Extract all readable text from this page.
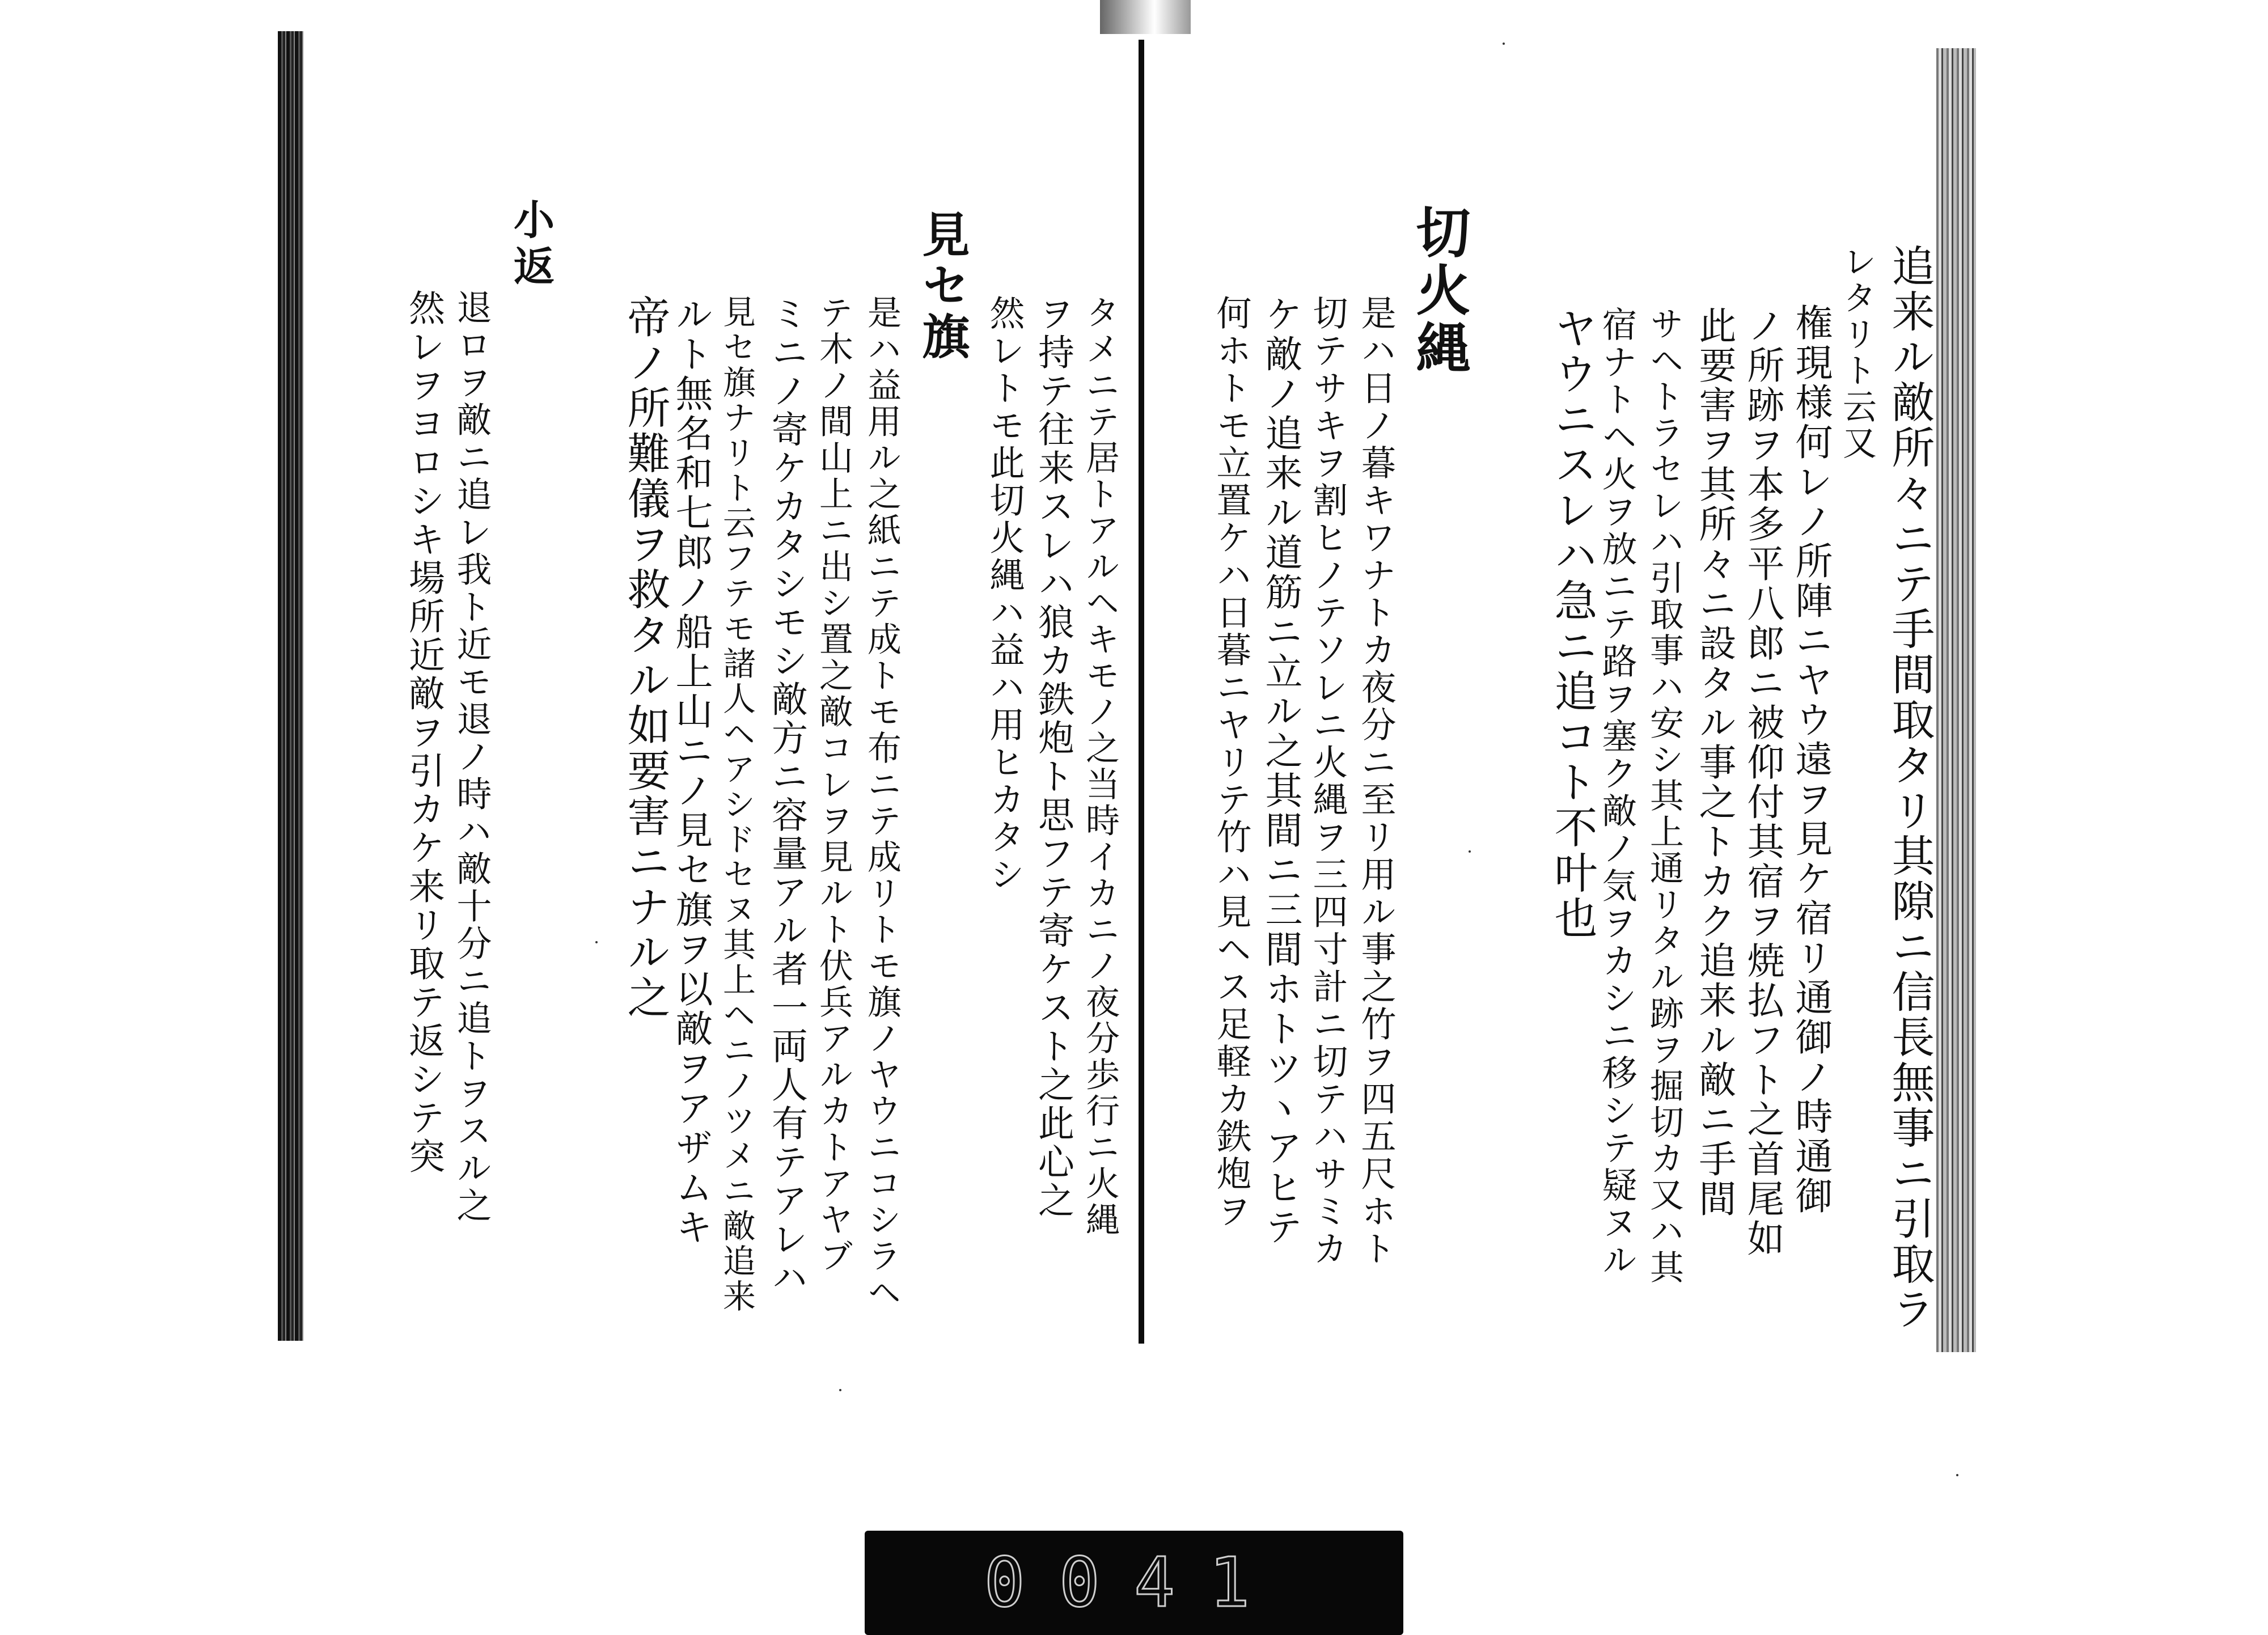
追来ル敵所々ニテ手間取タリ其隙ニ信長無事ニ引取ラ
レタリト云又
権現様何レノ所陣ニヤウ遠ヲ見ケ宿リ通御ノ時通御
ノ所跡ヲ本多平八郎ニ被仰付其宿ヲ焼払フト之首尾如
此要害ヲ其所々ニ設タル事之トカク追来ル敵ニ手間
サヘトラセレハ引取事ハ安シ其上通リタル跡ヲ掘切カ又ハ其
宿ナトヘ火ヲ放ニテ路ヲ塞ク敵ノ気ヲカシニ移シテ疑ヌル
ヤウニスレハ急ニ追コト不叶也
切火縄
是ハ日ノ暮キワナトカ夜分ニ至リ用ル事之竹ヲ四五尺ホト
切テサキヲ割ヒノテソレニ火縄ヲ三四寸計ニ切テハサミカ
ケ敵ノ追来ル道筋ニ立ル之其間ニ三間ホトツヽアヒテ
何ホトモ立置ケハ日暮ニヤリテ竹ハ見ヘス足軽カ鉄炮ヲ
タメニテ居トアルヘキモノ之当時イカニノ夜分歩行ニ火縄
ヲ持テ往来スレハ狼カ鉄炮ト思フテ寄ケスト之此心之
然レトモ此切火縄ハ益ハ用ヒカタシ
見セ旗
是ハ益用ル之紙ニテ成トモ布ニテ成リトモ旗ノヤウニコシラヘ
テ木ノ間山上ニ出シ置之敵コレヲ見ルト伏兵アルカトアヤブ
ミニノ寄ケカタシモシ敵方ニ容量アル者一両人有テアレハ
見セ旗ナリト云フテモ諸人ヘアシドセヌ其上ヘニノツメニ敵追来
ルト無名和七郎ノ船上山ニノ見セ旗ヲ以敵ヲアザムキ
帝ノ所難儀ヲ救タル如要害ニナル之
小返
退ロヲ敵ニ追レ我ト近モ退ノ時ハ敵十分ニ追トヲスル之
然レヲヨロシキ場所近敵ヲ引カケ来リ取テ返シテ突
0041
